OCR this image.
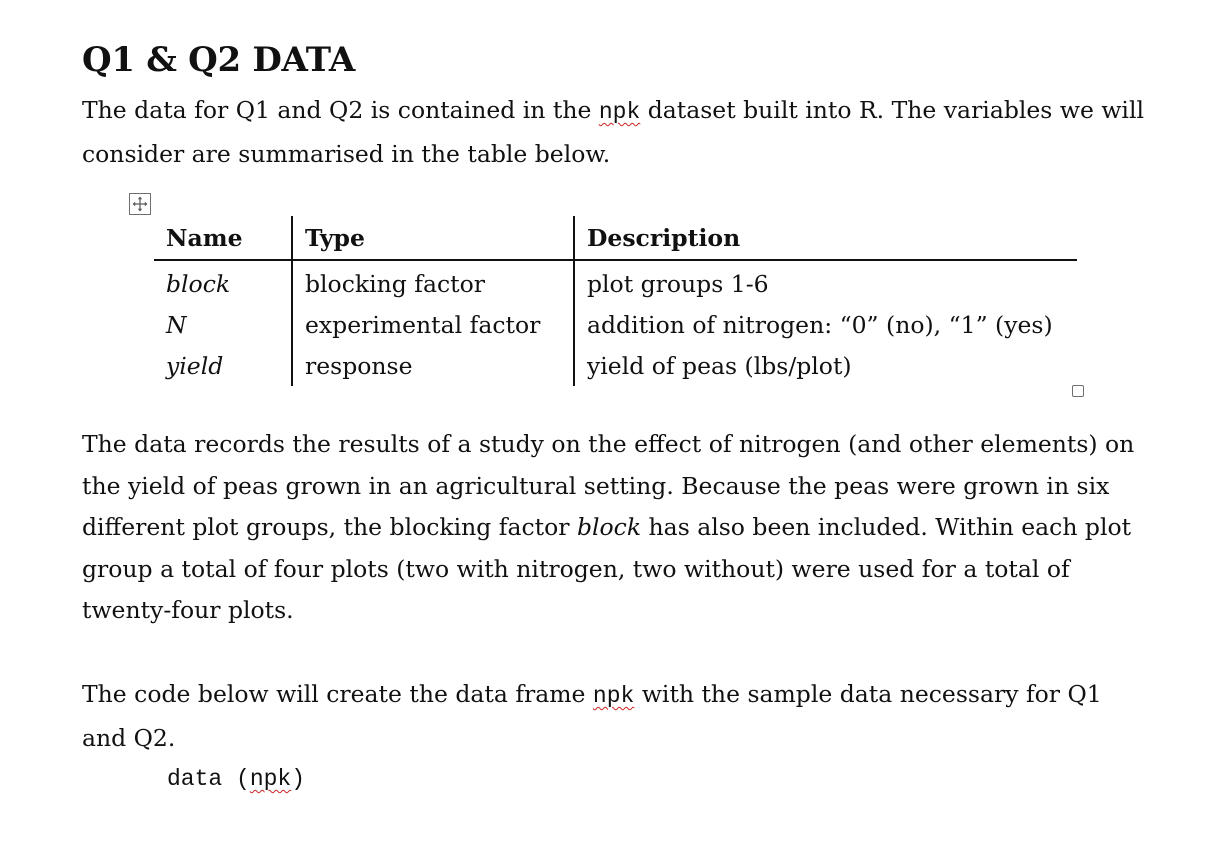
Q1 & Q2 DATA

The data for Q1 and Q2 is contained in the npk dataset built into R. The variables we will consider are summarised in the table below.

Name	Type	Description
block	blocking factor	plot groups 1-6
N	experimental factor	addition of nitrogen: “0” (no), “1” (yes)
yield	response	yield of peas (lbs/plot)

The data records the results of a study on the effect of nitrogen (and other elements) on the yield of peas grown in an agricultural setting. Because the peas were grown in six different plot groups, the blocking factor block has also been included. Within each plot group a total of four plots (two with nitrogen, two without) were used for a total of twenty-four plots.

The code below will create the data frame npk with the sample data necessary for Q1 and Q2.

data (npk)
